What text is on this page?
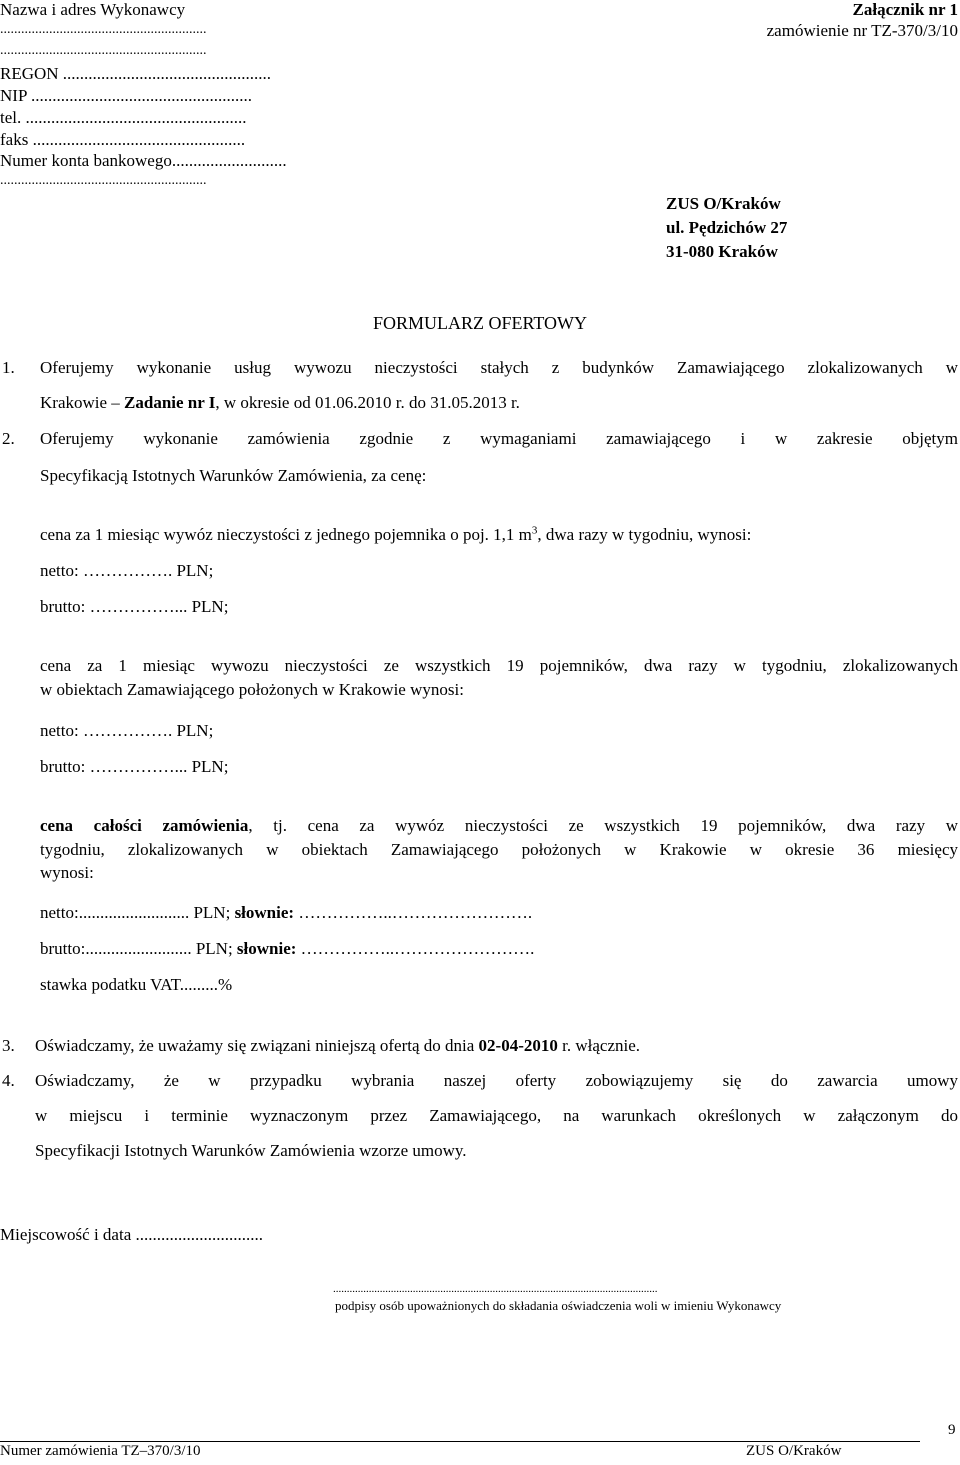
Nazwa i adres Wykonawcy
...........................................................
...........................................................
REGON .................................................
NIP ....................................................
tel. ....................................................
faks ..................................................
Numer konta bankowego...........................
...........................................................
Załącznik nr 1
zamówienie nr TZ-370/3/10
ZUS O/Kraków
ul. Pędzichów 27
31-080 Kraków
FORMULARZ OFERTOWY
1. Oferujemy wykonanie usług wywozu nieczystości stałych z budynków Zamawiającego zlokalizowanych w
Krakowie – Zadanie nr I, w okresie od 01.06.2010 r. do 31.05.2013 r.
2. Oferujemy wykonanie zamówienia zgodnie z wymaganiami zamawiającego i w zakresie objętym
Specyfikacją Istotnych Warunków Zamówienia, za cenę:
cena za 1 miesiąc wywóz nieczystości z jednego pojemnika o poj. 1,1 $m^3$, dwa razy w tygodniu, wynosi:
netto: ……………. PLN;
brutto: ……………... PLN;
cena za 1 miesiąc wywozu nieczystości ze wszystkich 19 pojemników, dwa razy w tygodniu, zlokalizowanych
w obiektach Zamawiającego położonych w Krakowie wynosi:
netto: ……………. PLN;
brutto: ……………... PLN;
cena całości zamówienia, tj. cena za wywóz nieczystości ze wszystkich 19 pojemników, dwa razy w
tygodniu, zlokalizowanych w obiektach Zamawiającego położonych w Krakowie w okresie 36 miesięcy
wynosi:
netto:.......................... PLN; słownie: ……………..…………………….
brutto:......................... PLN; słownie: ……………..…………………….
stawka podatku VAT.........%
3. Oświadczamy, że uważamy się związani niniejszą ofertą do dnia 02-04-2010 r. włącznie.
4. Oświadczamy, że w przypadku wybrania naszej oferty zobowiązujemy się do zawarcia umowy
w miejscu i terminie wyznaczonym przez Zamawiającego, na warunkach określonych w załączonym do
Specyfikacji Istotnych Warunków Zamówienia wzorze umowy.
Miejscowość i data ..............................
......................................................................................................................
podpisy osób upoważnionych do składania oświadczenia woli w imieniu Wykonawcy
Numer zamówienia TZ–370/3/10	ZUS O/Kraków
9
